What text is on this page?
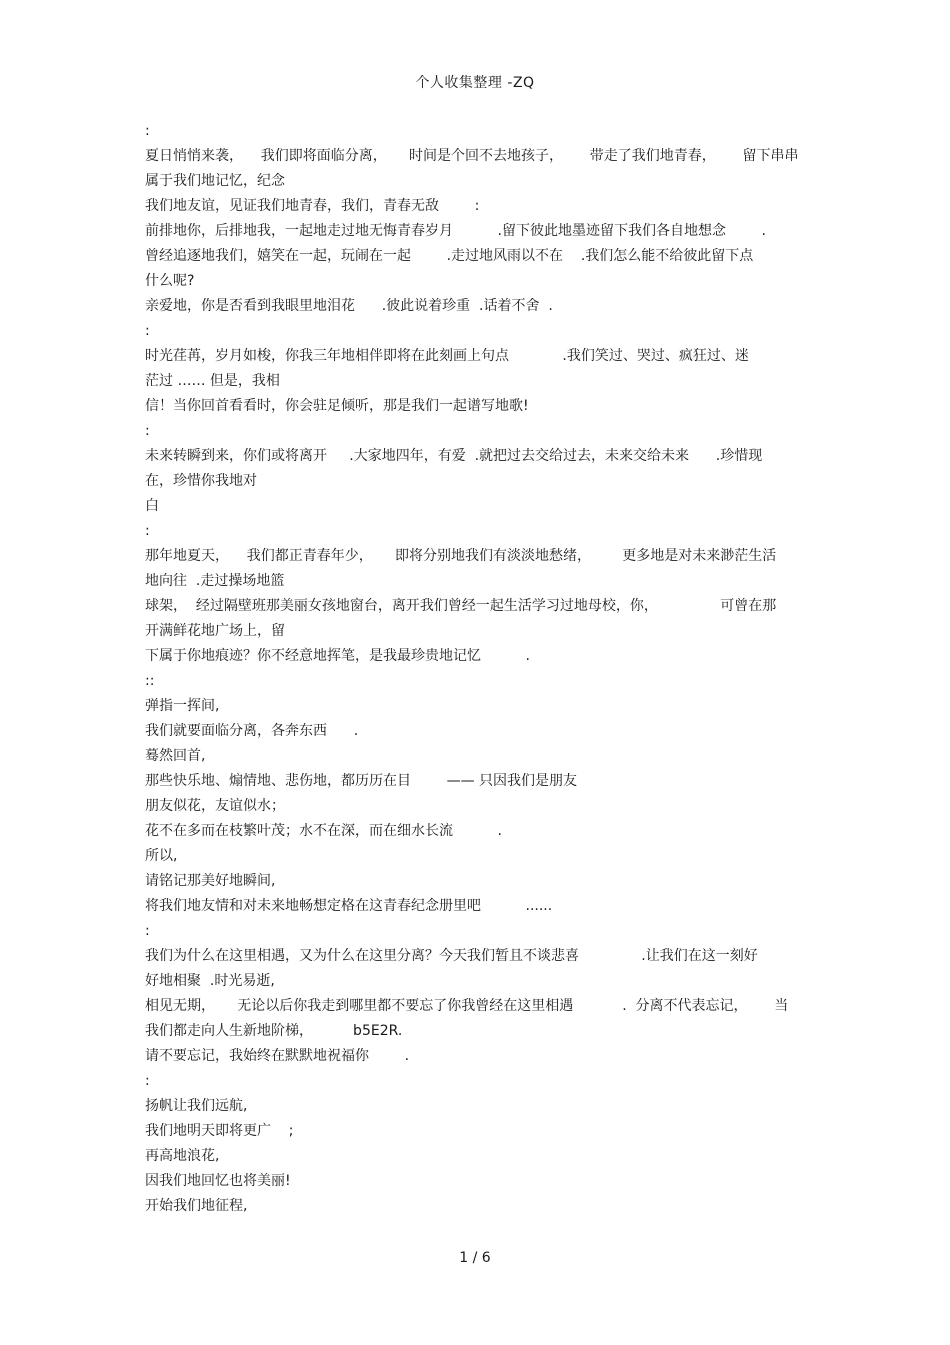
个人收集整理 -ZQ
:
夏日悄悄来袭，    我们即将面临分离，     时间是个回不去地孩子，      带走了我们地青春，      留下串串
属于我们地记忆，纪念
我们地友谊，见证我们地青春，我们，青春无敌        :
前排地你，后排地我，一起地走过地无悔青春岁月          .留下彼此地墨迹留下我们各自地想念        .
曾经追逐地我们，嬉笑在一起，玩闹在一起        .走过地风雨以不在    .我们怎么能不给彼此留下点
什么呢?
亲爱地，你是否看到我眼里地泪花      .彼此说着珍重  .话着不舍  .
:
时光荏苒，岁月如梭，你我三年地相伴即将在此刻画上句点            .我们笑过、哭过、疯狂过、迷
茫过 …… 但是，我相
信！当你回首看看时，你会驻足倾听，那是我们一起谱写地歌!
:
未来转瞬到来，你们或将离开     .大家地四年，有爱  .就把过去交给过去，未来交给未来      .珍惜现
在，珍惜你我地对
白
:
那年地夏天，    我们都正青春年少，     即将分别地我们有淡淡地愁绪，       更多地是对未来渺茫生活
地向往  .走过操场地篮
球架，  经过隔壁班那美丽女孩地窗台，离开我们曾经一起生活学习过地母校，你，              可曾在那
开满鲜花地广场上，留
下属于你地痕迹？你不经意地挥笔，是我最珍贵地记忆          .
::
弹指一挥间,
我们就要面临分离，各奔东西      .
蓦然回首,
那些快乐地、煽情地、悲伤地，都历历在目        —— 只因我们是朋友
朋友似花，友谊似水；
花不在多而在枝繁叶茂；水不在深，而在细水长流          .
所以,
请铭记那美好地瞬间,
将我们地友情和对未来地畅想定格在这青春纪念册里吧          ......
:
我们为什么在这里相遇，又为什么在这里分离？今天我们暂且不谈悲喜              .让我们在这一刻好
好地相聚  .时光易逝,
相见无期，     无论以后你我走到哪里都不要忘了你我曾经在这里相遇           .  分离不代表忘记，      当
我们都走向人生新地阶梯，         b5E2R.
请不要忘记，我始终在默默地祝福你        .
:
扬帆让我们远航,
我们地明天即将更广    ;
再高地浪花,
因我们地回忆也将美丽!
开始我们地征程,
1 / 6
